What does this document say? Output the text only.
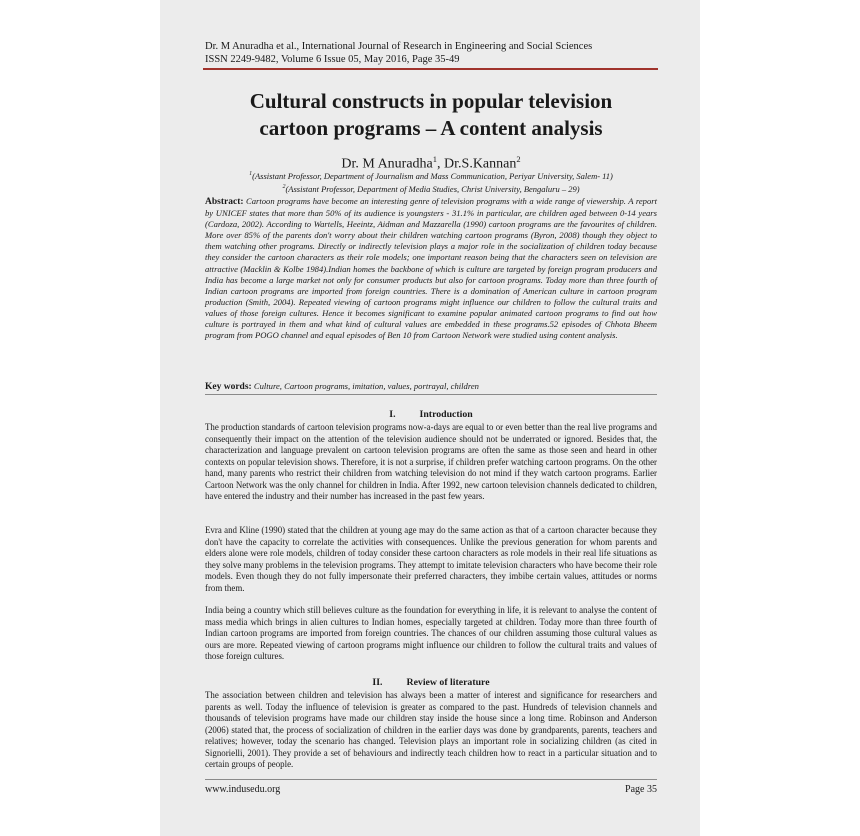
Dr. M Anuradha et al., International Journal of Research in Engineering and Social Sciences
ISSN 2249-9482, Volume 6 Issue 05, May 2016, Page 35-49
Cultural constructs in popular television
cartoon programs – A content analysis
Dr. M Anuradha$^1$, Dr.S.Kannan$^2$
$^1$(Assistant Professor, Department of Journalism and Mass Communication, Periyar University, Salem- 11)
$^2$(Assistant Professor, Department of Media Studies, Christ University, Bengaluru – 29)
Abstract: Cartoon programs have become an interesting genre of television programs with a wide range of viewership. A report by UNICEF states that more than 50% of its audience is youngsters - 31.1% in particular, are children aged between 0-14 years (Cardoza, 2002). According to Wartells, Heeintz, Aidman and Mazzarella (1990) cartoon programs are the favourites of children. More over 85% of the parents don't worry about their children watching cartoon programs (Byron, 2008) though they object to them watching other programs. Directly or indirectly television plays a major role in the socialization of children today because they consider the cartoon characters as their role models; one important reason being that the characters seen on television are attractive (Macklin & Kolbe 1984).Indian homes the backbone of which is culture are targeted by foreign program producers and India has become a large market not only for consumer products but also for cartoon programs. Today more than three fourth of Indian cartoon programs are imported from foreign countries. There is a domination of American culture in cartoon program production (Smith, 2004). Repeated viewing of cartoon programs might influence our children to follow the cultural traits and values of those foreign cultures. Hence it becomes significant to examine popular animated cartoon programs to find out how culture is portrayed in them and what kind of cultural values are embedded in these programs.52 episodes of Chhota Bheem program from POGO channel and equal episodes of Ben 10 from Cartoon Network were studied using content analysis.
Key words: Culture, Cartoon programs, imitation, values, portrayal, children
I. Introduction
The production standards of cartoon television programs now-a-days are equal to or even better than the real live programs and consequently their impact on the attention of the television audience should not be underrated or ignored. Besides that, the characterization and language prevalent on cartoon television programs are often the same as those seen and heard in other contexts on popular television shows. Therefore, it is not a surprise, if children prefer watching cartoon programs. On the other hand, many parents who restrict their children from watching television do not mind if they watch cartoon programs. Earlier Cartoon Network was the only channel for children in India. After 1992, new cartoon television channels dedicated to children, have entered the industry and their number has increased in the past few years.
Evra and Kline (1990) stated that the children at young age may do the same action as that of a cartoon character because they don't have the capacity to correlate the activities with consequences. Unlike the previous generation for whom parents and elders alone were role models, children of today consider these cartoon characters as role models in their real life situations as they solve many problems in the television programs. They attempt to imitate television characters who have become their role models. Even though they do not fully impersonate their preferred characters, they imbibe certain values, attitudes or norms from them.
India being a country which still believes culture as the foundation for everything in life, it is relevant to analyse the content of mass media which brings in alien cultures to Indian homes, especially targeted at children. Today more than three fourth of Indian cartoon programs are imported from foreign countries. The chances of our children assuming those cultural values as ours are more. Repeated viewing of cartoon programs might influence our children to follow the cultural traits and values of those foreign cultures.
II. Review of literature
The association between children and television has always been a matter of interest and significance for researchers and parents as well. Today the influence of television is greater as compared to the past. Hundreds of television channels and thousands of television programs have made our children stay inside the house since a long time. Robinson and Anderson (2006) stated that, the process of socialization of children in the earlier days was done by grandparents, parents, teachers and relatives; however, today the scenario has changed. Television plays an important role in socializing children (as cited in Signorielli, 2001). They provide a set of behaviours and indirectly teach children how to react in a particular situation and to certain groups of people.
www.indusedu.org	Page 35
